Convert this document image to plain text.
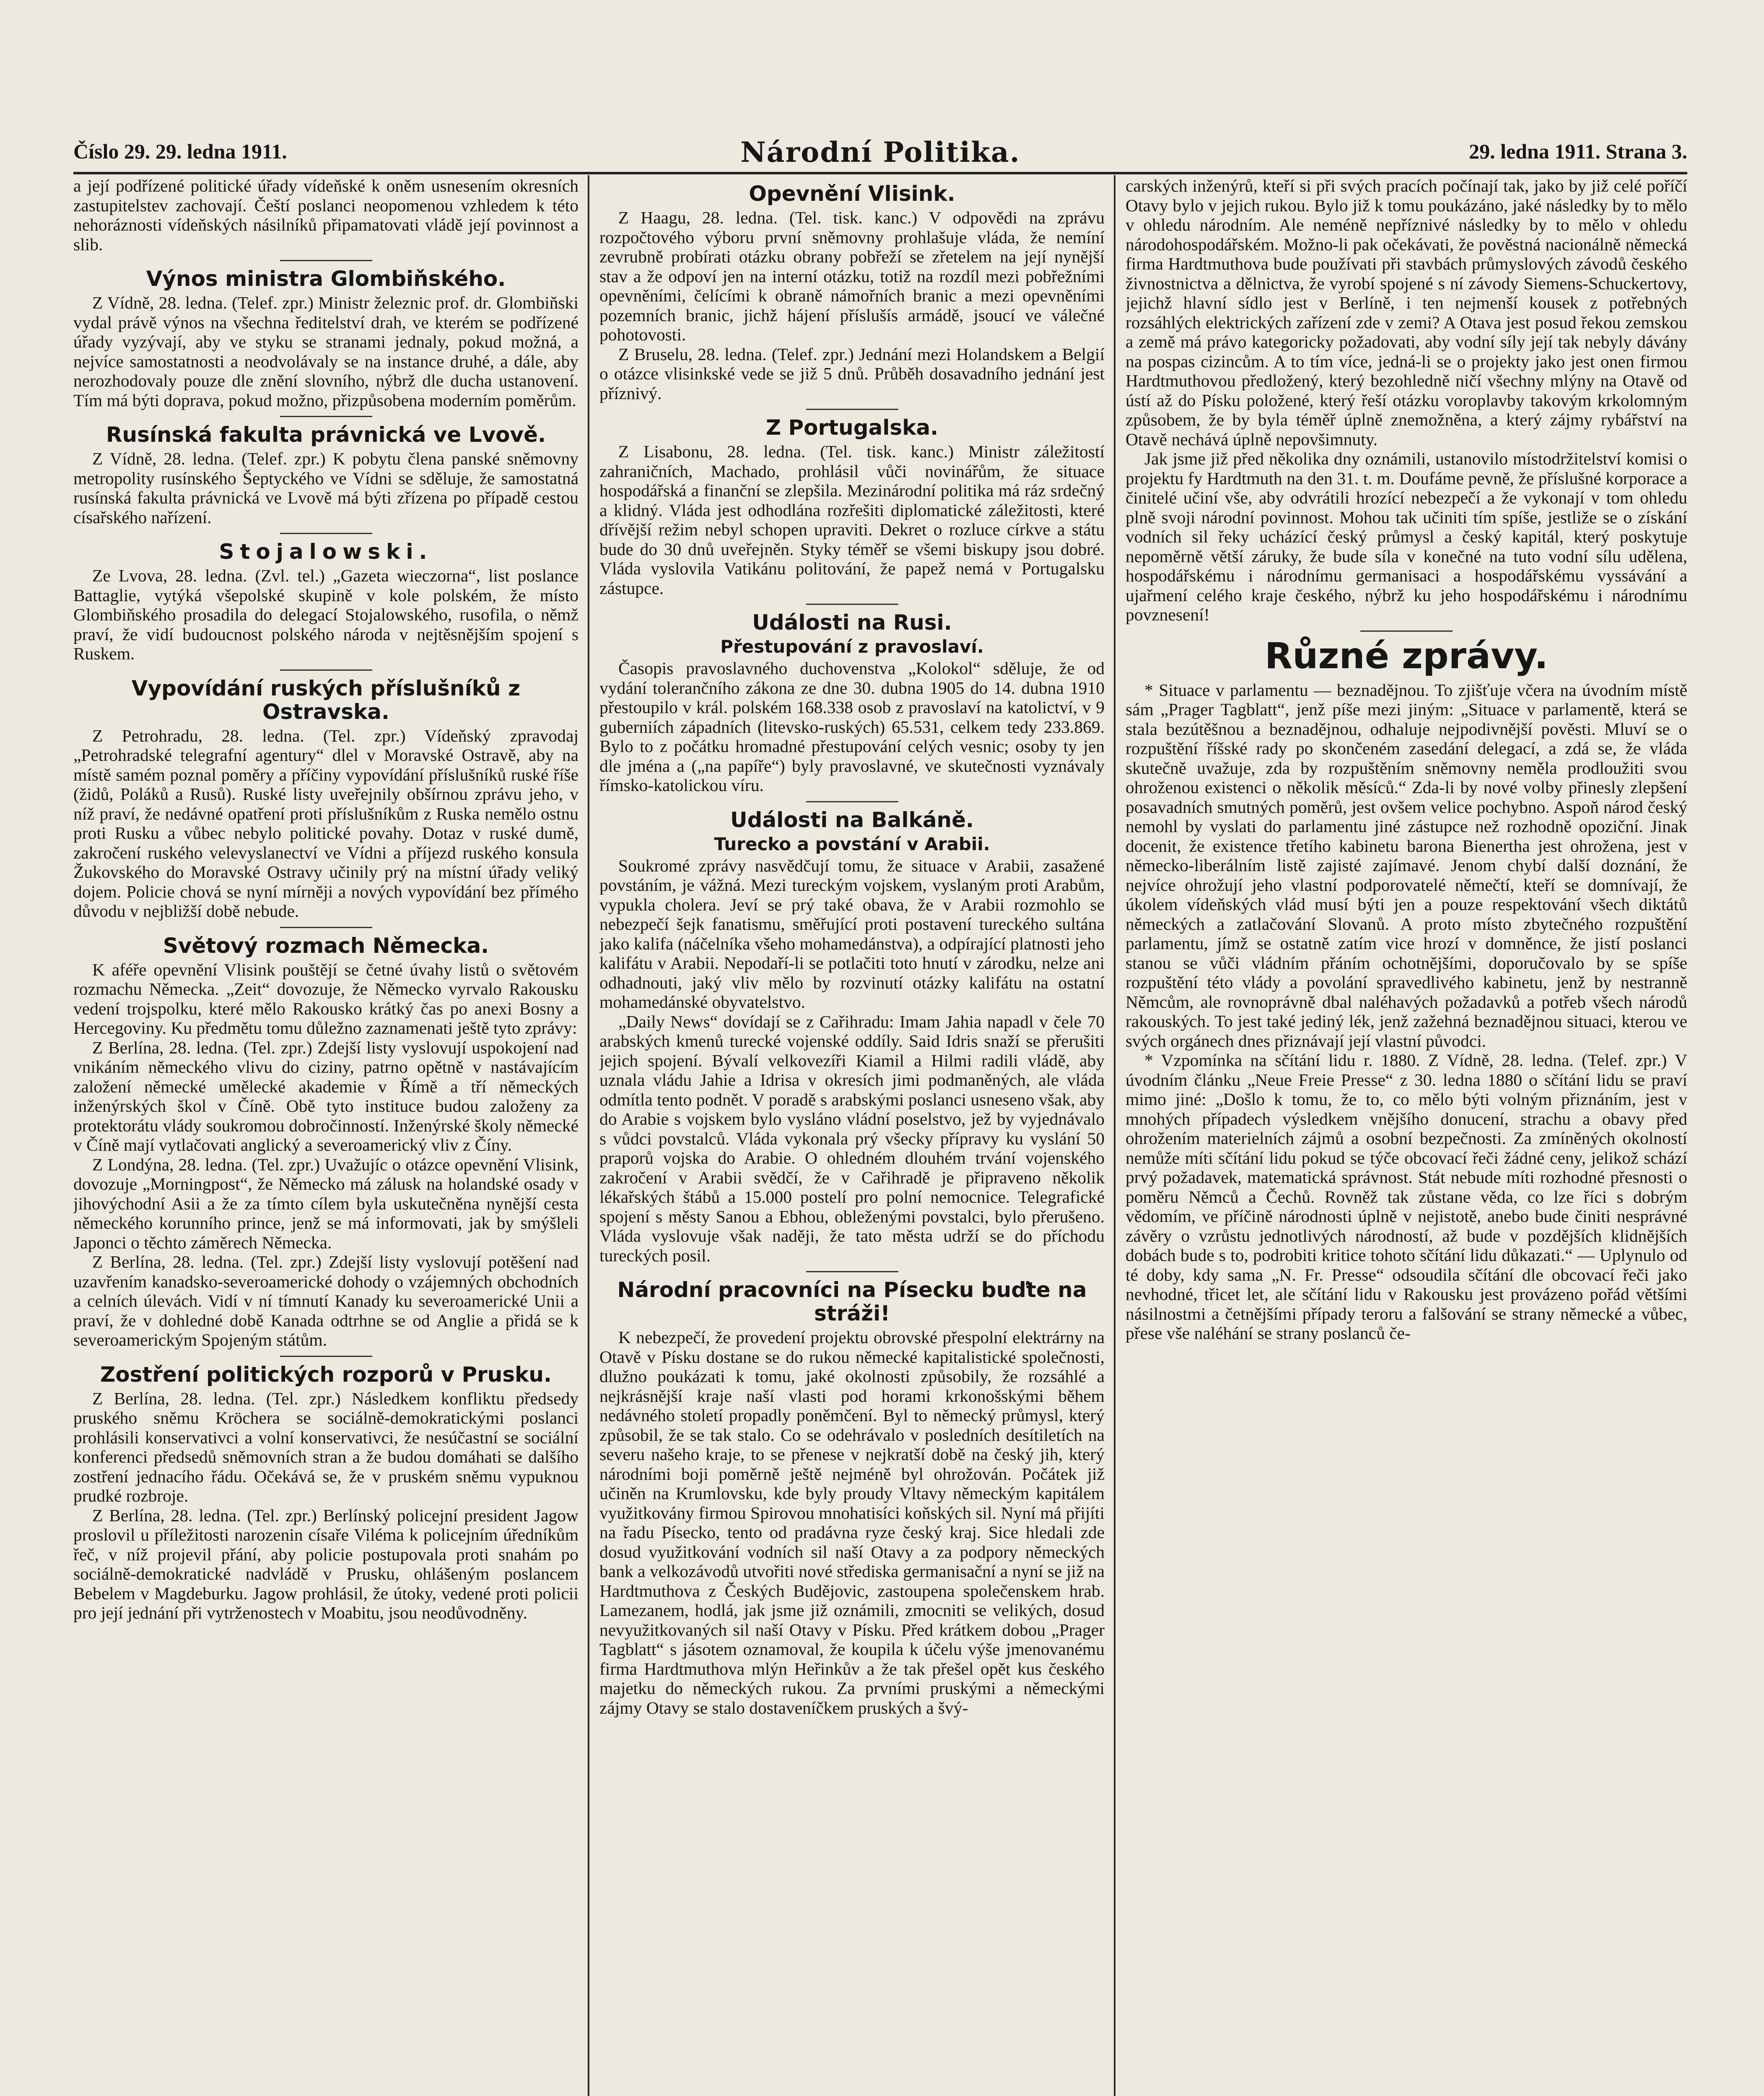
Číslo 29. 29. ledna 1911.	Národní Politika.	29. ledna 1911. Strana 3.

a její podřízené politické úřady vídeňské k oněm usnesením okresních zastupitelstev zachovají. Čeští poslanci neopomenou vzhledem k této nehoráznosti vídeňských násilníků připamatovati vládě její povinnost a slib.

Výnos ministra Glombiňského.

Z Vídně, 28. ledna. (Telef. zpr.) Ministr železnic prof. dr. Glombiňski vydal právě výnos na všechna ředitelství drah, ve kterém se podřízené úřady vyzývají, aby ve styku se stranami jednaly, pokud možná, a nejvíce samostatnosti a neodvolávaly se na instance druhé, a dále, aby nerozhodovaly pouze dle znění slovního, nýbrž dle ducha ustanovení. Tím má býti doprava, pokud možno, přizpůsobena moderním poměrům.

Rusínská fakulta právnická ve Lvově.

Z Vídně, 28. ledna. (Telef. zpr.) K pobytu člena panské sněmovny metropolity rusínského Šeptyckého ve Vídni se sděluje, že samostatná rusínská fakulta právnická ve Lvově má býti zřízena po případě cestou císařského nařízení.

Stojalowski.

Ze Lvova, 28. ledna. (Zvl. tel.) „Gazeta wieczorna“, list poslance Battaglie, vytýká všepolské skupině v kole polském, že místo Glombiňského prosadila do delegací Stojalowského, rusofila, o němž praví, že vidí budoucnost polského národa v nejtěsnějším spojení s Ruskem.

Vypovídání ruských příslušníků z Ostravska.

Z Petrohradu, 28. ledna. (Tel. zpr.) Vídeňský zpravodaj „Petrohradské telegrafní agentury“ dlel v Moravské Ostravě, aby na místě samém poznal poměry a příčiny vypovídání příslušníků ruské říše (židů, Poláků a Rusů). Ruské listy uveřejnily obšírnou zprávu jeho, v níž praví, že nedávné opatření proti příslušníkům z Ruska nemělo ostnu proti Rusku a vůbec nebylo politické povahy. Dotaz v ruské dumě, zakročení ruského velevyslanectví ve Vídni a příjezd ruského konsula Žukovského do Moravské Ostravy učinily prý na místní úřady veliký dojem. Policie chová se nyní mírněji a nových vypovídání bez přímého důvodu v nejbližší době nebude.

Světový rozmach Německa.

K aféře opevnění Vlisink pouštějí se četné úvahy listů o světovém rozmachu Německa. „Zeit“ dovozuje, že Německo vyrvalo Rakousku vedení trojspolku, které mělo Rakousko krátký čas po anexi Bosny a Hercegoviny. Ku předmětu tomu důležno zaznamenati ještě tyto zprávy:

Z Berlína, 28. ledna. (Tel. zpr.) Zdejší listy vyslovují uspokojení nad vnikáním německého vlivu do ciziny, patrno opětně v nastávajícím založení německé umělecké akademie v Římě a tří německých inženýrských škol v Číně. Obě tyto instituce budou založeny za protektorátu vlády soukromou dobročinností. Inženýrské školy německé v Číně mají vytlačovati anglický a severoamerický vliv z Číny.

Z Londýna, 28. ledna. (Tel. zpr.) Uvažujíc o otázce opevnění Vlisink, dovozuje „Morningpost“, že Německo má zálusk na holandské osady v jihovýchodní Asii a že za tímto cílem byla uskutečněna nynější cesta německého korunního prince, jenž se má informovati, jak by smýšleli Japonci o těchto záměrech Německa.

Z Berlína, 28. ledna. (Tel. zpr.) Zdejší listy vyslovují potěšení nad uzavřením kanadsko-severoamerické dohody o vzájemných obchodních a celních úlevách. Vidí v ní tímnutí Kanady ku severoamerické Unii a praví, že v dohledné době Kanada odtrhne se od Anglie a přidá se k severoamerickým Spojeným státům.

Zostření politických rozporů v Prusku.

Z Berlína, 28. ledna. (Tel. zpr.) Následkem konfliktu předsedy pruského sněmu Kröchera se sociálně-demokratickými poslanci prohlásili konservativci a volní konservativci, že nesúčastní se sociální konferenci předsedů sněmovních stran a že budou domáhati se dalšího zostření jednacího řádu. Očekává se, že v pruském sněmu vypuknou prudké rozbroje.

Z Berlína, 28. ledna. (Tel. zpr.) Berlínský policejní president Jagow proslovil u příležitosti narozenin císaře Viléma k policejním úředníkům řeč, v níž projevil přání, aby policie postupovala proti snahám po sociálně-demokratické nadvládě v Prusku, ohlášeným poslancem Bebelem v Magdeburku. Jagow prohlásil, že útoky, vedené proti policii pro její jednání při vytrženostech v Moabitu, jsou neodůvodněny.

Opevnění Vlisink.

Z Haagu, 28. ledna. (Tel. tisk. kanc.) V odpovědi na zprávu rozpočtového výboru první sněmovny prohlašuje vláda, že nemíní zevrubně probírati otázku obrany pobřeží se zřetelem na její nynější stav a že odpoví jen na interní otázku, totiž na rozdíl mezi pobřežními opevněními, čelícími k obraně námořních branic a mezi opevněními pozemních branic, jichž hájení příslušís armádě, jsoucí ve válečné pohotovosti.

Z Bruselu, 28. ledna. (Telef. zpr.) Jednání mezi Holandskem a Belgií o otázce vlisinkské vede se již 5 dnů. Průběh dosavadního jednání jest příznivý.

Z Portugalska.

Z Lisabonu, 28. ledna. (Tel. tisk. kanc.) Ministr záležitostí zahraničních, Machado, prohlásil vůči novinářům, že situace hospodářská a finanční se zlepšila. Mezinárodní politika má ráz srdečný a klidný. Vláda jest odhodlána rozřešiti diplomatické záležitosti, které dřívější režim nebyl schopen upraviti. Dekret o rozluce církve a státu bude do 30 dnů uveřejněn. Styky téměř se všemi biskupy jsou dobré. Vláda vyslovila Vatikánu politování, že papež nemá v Portugalsku zástupce.

Události na Rusi.
Přestupování z pravoslaví.

Časopis pravoslavného duchovenstva „Kolokol“ sděluje, že od vydání tolerančního zákona ze dne 30. dubna 1905 do 14. dubna 1910 přestoupilo v král. polském 168.338 osob z pravoslaví na katolictví, v 9 guberniích západních (litevsko-ruských) 65.531, celkem tedy 233.869. Bylo to z počátku hromadné přestupování celých vesnic; osoby ty jen dle jména a („na papíře“) byly pravoslavné, ve skutečnosti vyznávaly římsko-katolickou víru.

Události na Balkáně.
Turecko a povstání v Arabii.

Soukromé zprávy nasvědčují tomu, že situace v Arabii, zasažené povstáním, je vážná. Mezi tureckým vojskem, vyslaným proti Arabům, vypukla cholera. Jeví se prý také obava, že v Arabii rozmohlo se nebezpečí šejk fanatismu, směřující proti postavení tureckého sultána jako kalifa (náčelníka všeho mohamedánstva), a odpírající platnosti jeho kalifátu v Arabii. Nepodaří-li se potlačiti toto hnutí v zárodku, nelze ani odhadnouti, jaký vliv mělo by rozvinutí otázky kalifátu na ostatní mohamedánské obyvatelstvo.

„Daily News“ dovídají se z Cařihradu: Imam Jahia napadl v čele 70 arabských kmenů turecké vojenské oddíly. Said Idris snaží se přerušiti jejich spojení. Bývalí velkovezíři Kiamil a Hilmi radili vládě, aby uznala vládu Jahie a Idrisa v okresích jimi podmaněných, ale vláda odmítla tento podnět. V poradě s arabskými poslanci usneseno však, aby do Arabie s vojskem bylo vysláno vládní poselstvo, jež by vyjednávalo s vůdci povstalců. Vláda vykonala prý všecky přípravy ku vyslání 50 praporů vojska do Arabie. O ohledném dlouhém trvání vojenského zakročení v Arabii svědčí, že v Cařihradě je připraveno několik lékařských štábů a 15.000 postelí pro polní nemocnice. Telegrafické spojení s městy Sanou a Ebhou, obleženými povstalci, bylo přerušeno. Vláda vyslovuje však naději, že tato města udrží se do příchodu tureckých posil.

Národní pracovníci na Písecku buďte na stráži!

K nebezpečí, že provedení projektu obrovské přespolní elektrárny na Otavě v Písku dostane se do rukou německé kapitalistické společnosti, dlužno poukázati k tomu, jaké okolnosti způsobily, že rozsáhlé a nejkrásnější kraje naší vlasti pod horami krkonošskými během nedávného století propadly poněmčení. Byl to německý průmysl, který způsobil, že se tak stalo. Co se odehrávalo v posledních desítiletích na severu našeho kraje, to se přenese v nejkratší době na český jih, který národními boji poměrně ještě nejméně byl ohrožován. Počátek již učiněn na Krumlovsku, kde byly proudy Vltavy německým kapitálem využitkovány firmou Spirovou mnohatisíci koňských sil. Nyní má přijíti na řadu Písecko, tento od pradávna ryze český kraj. Sice hledali zde dosud využitkování vodních sil naší Otavy a za podpory německých bank a velkozávodů utvořiti nové střediska germanisační a nyní se již na Hardtmuthova z Českých Budějovic, zastoupena společenskem hrab. Lamezanem, hodlá, jak jsme již oznámili, zmocniti se velikých, dosud nevyužitkovaných sil naší Otavy v Písku. Před krátkem dobou „Prager Tagblatt“ s jásotem oznamoval, že koupila k účelu výše jmenovanému firma Hardtmuthova mlýn Heřinkův a že tak přešel opět kus českého majetku do německých rukou. Za prvními pruskými a německými zájmy Otavy se stalo dostaveníčkem pruských a švý-

carských inženýrů, kteří si při svých pracích počínají tak, jako by již celé poříčí Otavy bylo v jejich rukou. Bylo již k tomu poukázáno, jaké následky by to mělo v ohledu národním. Ale neméně nepříznivé následky by to mělo v ohledu národohospodářském. Možno-li pak očekávati, že pověstná nacionálně německá firma Hardtmuthova bude používati při stavbách průmyslových závodů českého živnostnictva a dělnictva, že vyrobí spojené s ní závody Siemens-Schuckertovy, jejichž hlavní sídlo jest v Berlíně, i ten nejmenší kousek z potřebných rozsáhlých elektrických zařízení zde v zemi? A Otava jest posud řekou zemskou a země má právo kategoricky požadovati, aby vodní síly její tak nebyly dávány na pospas cizincům. A to tím více, jedná-li se o projekty jako jest onen firmou Hardtmuthovou předložený, který bezohledně ničí všechny mlýny na Otavě od ústí až do Písku položené, který řeší otázku voroplavby takovým krkolomným způsobem, že by byla téměř úplně znemožněna, a který zájmy rybářství na Otavě nechává úplně nepovšimnuty.

Jak jsme již před několika dny oznámili, ustanovilo místodržitelství komisi o projektu fy Hardtmuth na den 31. t. m. Doufáme pevně, že příslušné korporace a činitelé učiní vše, aby odvrátili hrozící nebezpečí a že vykonají v tom ohledu plně svoji národní povinnost. Mohou tak učiniti tím spíše, jestliže se o získání vodních sil řeky ucházící český průmysl a český kapitál, který poskytuje nepoměrně větší záruky, že bude síla v konečné na tuto vodní sílu udělena, hospodářskému i národnímu germanisaci a hospodářskému vyssávání a ujařmení celého kraje českého, nýbrž ku jeho hospodářskému i národnímu povznesení!

Různé zprávy.

* Situace v parlamentu — beznadějnou. To zjišťuje včera na úvodním místě sám „Prager Tagblatt“, jenž píše mezi jiným: „Situace v parlamentě, která se stala bezútěšnou a beznadějnou, odhaluje nejpodivnější pověsti. Mluví se o rozpuštění říšské rady po skončeném zasedání delegací, a zdá se, že vláda skutečně uvažuje, zda by rozpuštěním sněmovny neměla prodloužiti svou ohroženou existenci o několik měsíců.“ Zda-li by nové volby přinesly zlepšení posavadních smutných poměrů, jest ovšem velice pochybno. Aspoň národ český nemohl by vyslati do parlamentu jiné zástupce než rozhodně opoziční. Jinak docenit, že existence třetího kabinetu barona Bienertha jest ohrožena, jest v německo-liberálním listě zajisté zajímavé. Jenom chybí další doznání, že nejvíce ohrožují jeho vlastní podporovatelé němečtí, kteří se domnívají, že úkolem vídeňských vlád musí býti jen a pouze respektování všech diktátů německých a zatlačování Slovanů. A proto místo zbytečného rozpuštění parlamentu, jímž se ostatně zatím vice hrozí v domněnce, že jistí poslanci stanou se vůči vládním přáním ochotnějšími, doporučovalo by se spíše rozpuštění této vlády a povolání spravedlivého kabinetu, jenž by nestranně Němcům, ale rovnoprávně dbal naléhavých požadavků a potřeb všech národů rakouských. To jest také jediný lék, jenž zažehná beznadějnou situaci, kterou ve svých orgánech dnes přiznávají její vlastní původci.

* Vzpomínka na sčítání lidu r. 1880. Z Vídně, 28. ledna. (Telef. zpr.) V úvodním článku „Neue Freie Presse“ z 30. ledna 1880 o sčítání lidu se praví mimo jiné: „Došlo k tomu, že to, co mělo býti volným přiznáním, jest v mnohých případech výsledkem vnějšího donucení, strachu a obavy před ohrožením materielních zájmů a osobní bezpečnosti. Za zmíněných okolností nemůže míti sčítání lidu pokud se týče obcovací řeči žádné ceny, jelikož schází prvý požadavek, matematická správnost. Stát nebude míti rozhodné přesnosti o poměru Němců a Čechů. Rovněž tak zůstane věda, co lze říci s dobrým vědomím, ve příčině národnosti úplně v nejistotě, anebo bude činiti nesprávné závěry o vzrůstu jednotlivých národností, až bude v pozdějších klidnějších dobách bude s to, podrobiti kritice tohoto sčítání lidu důkazati.“ — Uplynulo od té doby, kdy sama „N. Fr. Presse“ odsoudila sčítání dle obcovací řeči jako nevhodné, třicet let, ale sčítání lidu v Rakousku jest provázeno pořád většími násilnostmi a četnějšími případy teroru a falšování se strany německé a vůbec, přese vše naléhání se strany poslanců če-
